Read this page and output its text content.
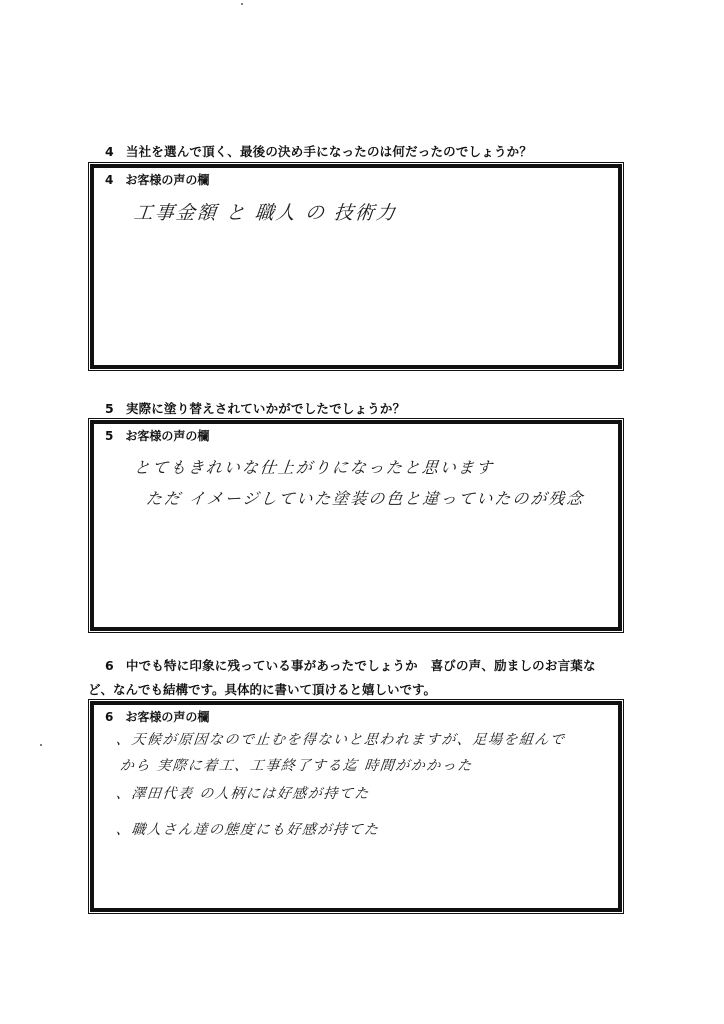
4 当社を選んで頂く、最後の決め手になったのは何だったのでしょうか？
4 お客様の声の欄
工事金額 と 職人 の 技術力
5 実際に塗り替えされていかがでしたでしょうか？
5 お客様の声の欄
とてもきれいな仕上がりになったと思います
ただ イメージしていた塗装の色と違っていたのが残念
6 中でも特に印象に残っている事があったでしょうか　喜びの声、励ましのお言葉な
ど、なんでも結構です。具体的に書いて頂けると嬉しいです。
6 お客様の声の欄
、天候が原因なので止むを得ないと思われますが、足場を組んで
から 実際に着工、工事終了する迄 時間がかかった
、澤田代表 の人柄には好感が持てた
、職人さん達の態度にも好感が持てた
